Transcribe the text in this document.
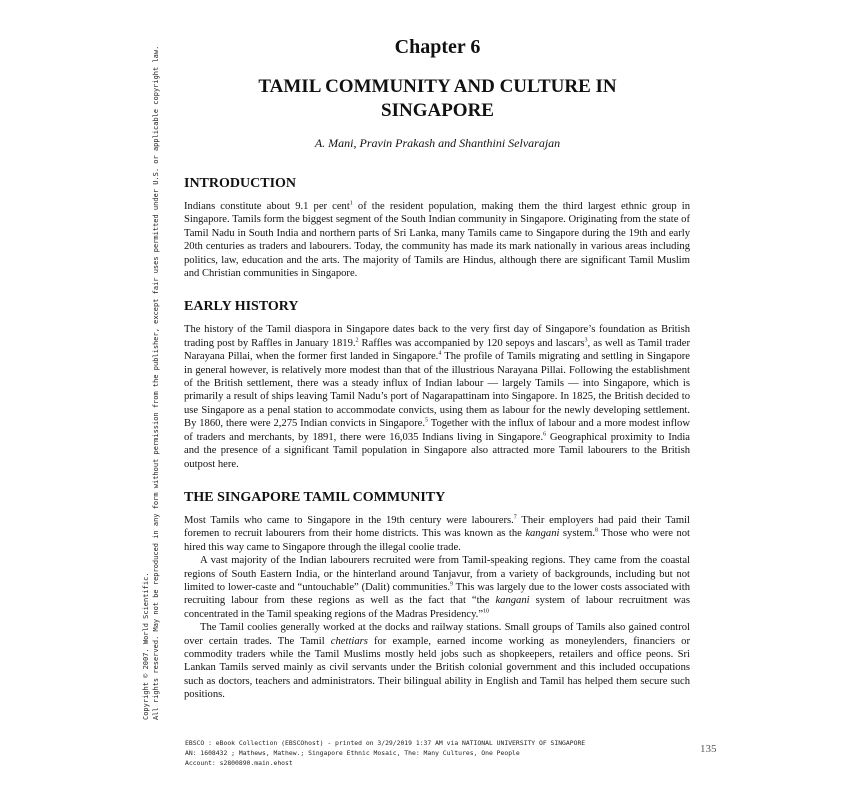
Copyright © 2007. World Scientific. All rights reserved. May not be reproduced in any form without permission from the publisher, except fair uses permitted under U.S. or applicable copyright law.	Chapter 6
TAMIL COMMUNITY AND CULTURE IN
SINGAPORE
A. Mani, Pravin Prakash and Shanthini Selvarajan
INTRODUCTION

Indians constitute about 9.1 per cent$^1$ of the resident population, making them the third largest ethnic group in Singapore. Tamils form the biggest segment of the South Indian community in Singapore. Originating from the state of Tamil Nadu in South India and northern parts of Sri Lanka, many Tamils came to Singapore during the 19th and early 20th centuries as traders and labourers. Today, the community has made its mark nationally in various areas including politics, law, education and the arts. The majority of Tamils are Hindus, although there are significant Tamil Muslim and Christian communities in Singapore.

EARLY HISTORY

The history of the Tamil diaspora in Singapore dates back to the very first day of Singapore’s foundation as British trading post by Raffles in January 1819.$^2$ Raffles was accompanied by 120 sepoys and lascars$^3$, as well as Tamil trader Narayana Pillai, when the former first landed in Singapore.$^4$ The profile of Tamils migrating and settling in Singapore in general however, is relatively more modest than that of the illustrious Narayana Pillai. Following the establishment of the British settlement, there was a steady influx of Indian labour — largely Tamils — into Singapore, which is primarily a result of ships leaving Tamil Nadu’s port of Nagarapattinam into Singapore. In 1825, the British decided to use Singapore as a penal station to accommodate convicts, using them as labour for the newly developing settlement. By 1860, there were 2,275 Indian convicts in Singapore.$^5$ Together with the influx of labour and a more modest inflow of traders and merchants, by 1891, there were 16,035 Indians living in Singapore.$^6$ Geographical proximity to India and the presence of a significant Tamil population in Singapore also attracted more Tamil labourers to the British outpost here.

THE SINGAPORE TAMIL COMMUNITY

Most Tamils who came to Singapore in the 19th century were labourers.$^7$ Their employers had paid their Tamil foremen to recruit labourers from their home districts. This was known as the kangani system.$^8$ Those who were not hired this way came to Singapore through the illegal coolie trade.

A vast majority of the Indian labourers recruited were from Tamil-speaking regions. They came from the coastal regions of South Eastern India, or the hinterland around Tanjavur, from a variety of backgrounds, including but not limited to lower-caste and “untouchable” (Dalit) communities.$^9$ This was largely due to the lower costs associated with recruiting labour from these regions as well as the fact that “the kangani system of labour recruitment was concentrated in the Tamil speaking regions of the Madras Presidency.”$^{10}$

The Tamil coolies generally worked at the docks and railway stations. Small groups of Tamils also gained control over certain trades. The Tamil chettiars for example, earned income working as moneylenders, financiers or commodity traders while the Tamil Muslims mostly held jobs such as shopkeepers, retailers and office peons. Sri Lankan Tamils served mainly as civil servants under the British colonial government and this included occupations such as doctors, teachers and administrators. Their bilingual ability in English and Tamil has helped them secure such positions.

EBSCO : eBook Collection (EBSCOhost) - printed on 3/29/2019 1:37 AM via NATIONAL UNIVERSITY OF SINGAPORE
AN: 1608432 ; Mathews, Mathew.; Singapore Ethnic Mosaic, The: Many Cultures, One People
Account: s2800890.main.ehost
135
